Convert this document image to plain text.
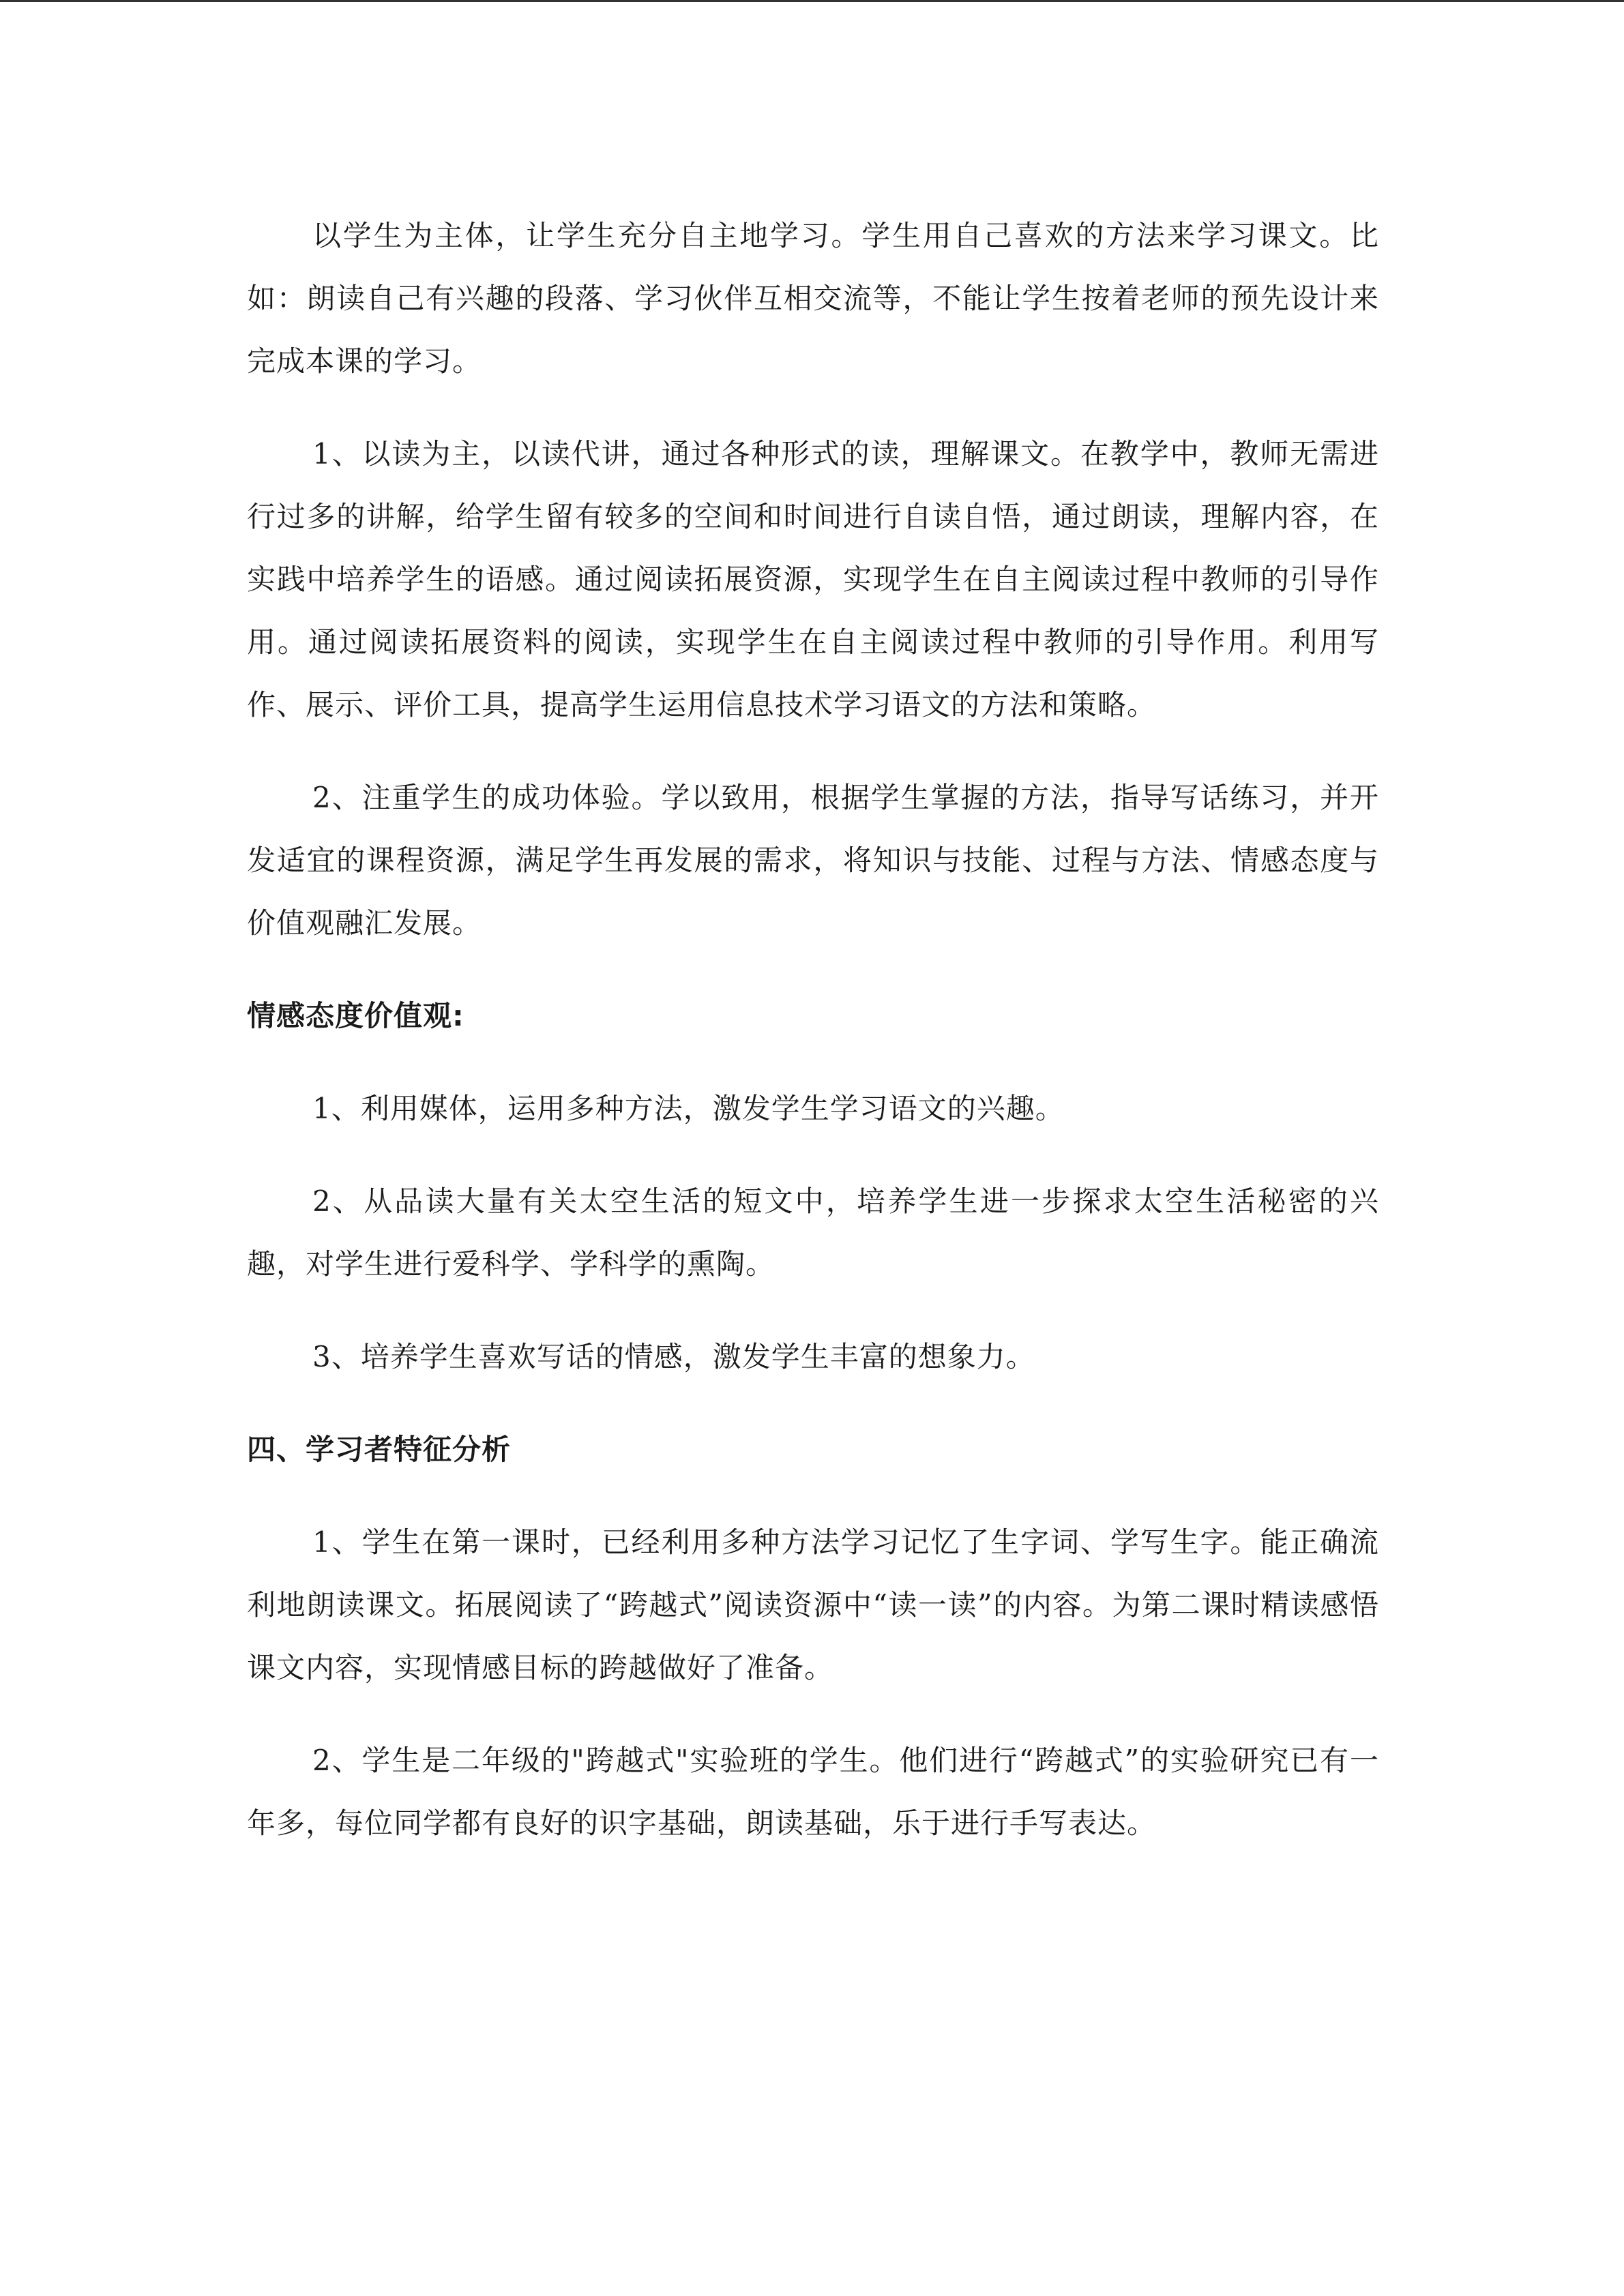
以学生为主体，让学生充分自主地学习。学生用自己喜欢的方法来学习课文。比如：朗读自己有兴趣的段落、学习伙伴互相交流等，不能让学生按着老师的预先设计来完成本课的学习。

1、以读为主，以读代讲，通过各种形式的读，理解课文。在教学中，教师无需进行过多的讲解，给学生留有较多的空间和时间进行自读自悟，通过朗读，理解内容，在实践中培养学生的语感。通过阅读拓展资源，实现学生在自主阅读过程中教师的引导作用。通过阅读拓展资料的阅读，实现学生在自主阅读过程中教师的引导作用。利用写作、展示、评价工具，提高学生运用信息技术学习语文的方法和策略。

2、注重学生的成功体验。学以致用，根据学生掌握的方法，指导写话练习，并开发适宜的课程资源，满足学生再发展的需求，将知识与技能、过程与方法、情感态度与价值观融汇发展。

情感态度价值观:

1、利用媒体，运用多种方法，激发学生学习语文的兴趣。

2、从品读大量有关太空生活的短文中，培养学生进一步探求太空生活秘密的兴趣，对学生进行爱科学、学科学的熏陶。

3、培养学生喜欢写话的情感，激发学生丰富的想象力。

四、学习者特征分析

1、学生在第一课时，已经利用多种方法学习记忆了生字词、学写生字。能正确流利地朗读课文。拓展阅读了“跨越式”阅读资源中“读一读”的内容。为第二课时精读感悟课文内容，实现情感目标的跨越做好了准备。

2、学生是二年级的"跨越式"实验班的学生。他们进行“跨越式”的实验研究已有一年多，每位同学都有良好的识字基础，朗读基础，乐于进行手写表达。
